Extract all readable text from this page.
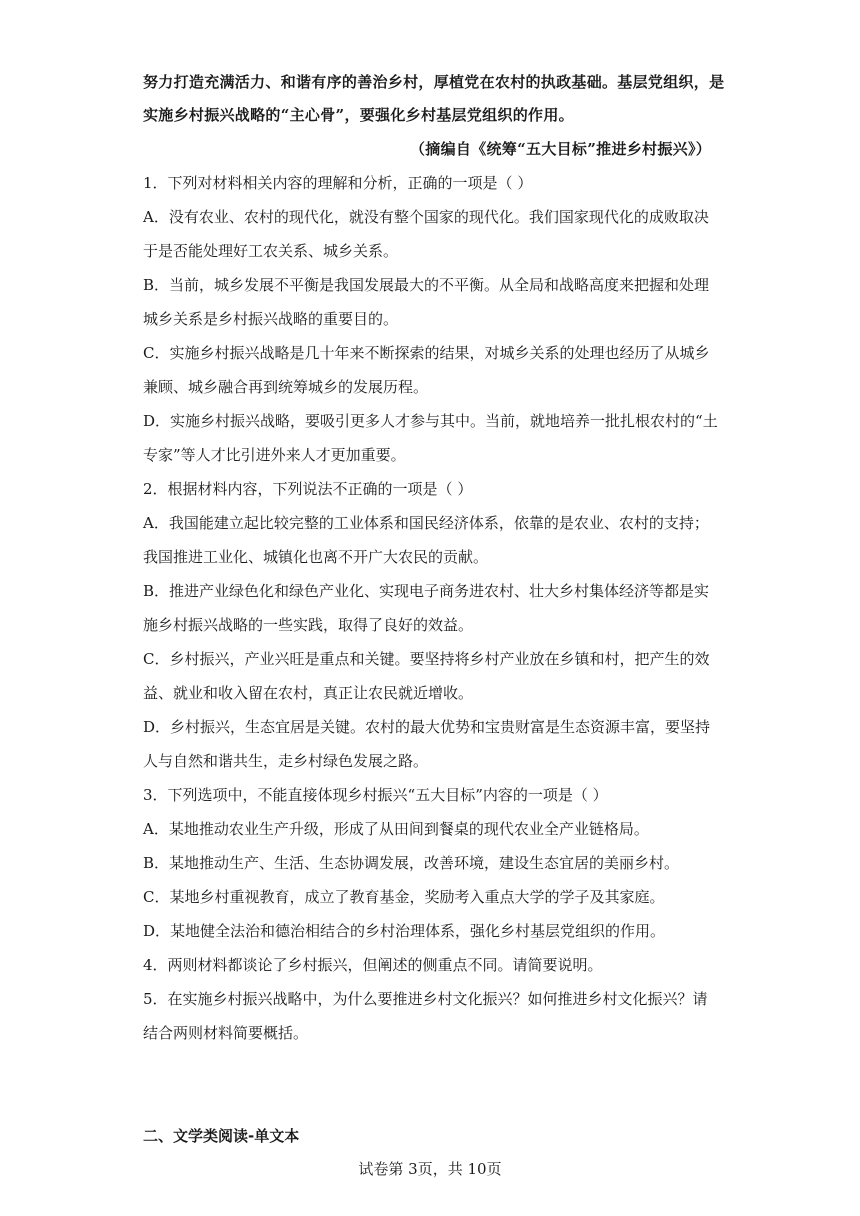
努力打造充满活力、和谐有序的善治乡村，厚植党在农村的执政基础。基层党组织，是
实施乡村振兴战略的“主心骨”，要强化乡村基层党组织的作用。
（摘编自《统筹“五大目标”推进乡村振兴》）
1．下列对材料相关内容的理解和分析，正确的一项是（ ）
A．没有农业、农村的现代化，就没有整个国家的现代化。我们国家现代化的成败取决
于是否能处理好工农关系、城乡关系。
B．当前，城乡发展不平衡是我国发展最大的不平衡。从全局和战略高度来把握和处理
城乡关系是乡村振兴战略的重要目的。
C．实施乡村振兴战略是几十年来不断探索的结果，对城乡关系的处理也经历了从城乡
兼顾、城乡融合再到统筹城乡的发展历程。
D．实施乡村振兴战略，要吸引更多人才参与其中。当前，就地培养一批扎根农村的“土
专家”等人才比引进外来人才更加重要。
2．根据材料内容，下列说法不正确的一项是（ ）
A．我国能建立起比较完整的工业体系和国民经济体系，依靠的是农业、农村的支持；
我国推进工业化、城镇化也离不开广大农民的贡献。
B．推进产业绿色化和绿色产业化、实现电子商务进农村、壮大乡村集体经济等都是实
施乡村振兴战略的一些实践，取得了良好的效益。
C．乡村振兴，产业兴旺是重点和关键。要坚持将乡村产业放在乡镇和村，把产生的效
益、就业和收入留在农村，真正让农民就近增收。
D．乡村振兴，生态宜居是关键。农村的最大优势和宝贵财富是生态资源丰富，要坚持
人与自然和谐共生，走乡村绿色发展之路。
3．下列选项中，不能直接体现乡村振兴“五大目标”内容的一项是（ ）
A．某地推动农业生产升级，形成了从田间到餐桌的现代农业全产业链格局。
B．某地推动生产、生活、生态协调发展，改善环境，建设生态宜居的美丽乡村。
C．某地乡村重视教育，成立了教育基金，奖励考入重点大学的学子及其家庭。
D．某地健全法治和德治相结合的乡村治理体系，强化乡村基层党组织的作用。
4．两则材料都谈论了乡村振兴，但阐述的侧重点不同。请简要说明。
5．在实施乡村振兴战略中，为什么要推进乡村文化振兴？如何推进乡村文化振兴？请
结合两则材料简要概括。
二、文学类阅读-单文本
试卷第 3页，共 10页
